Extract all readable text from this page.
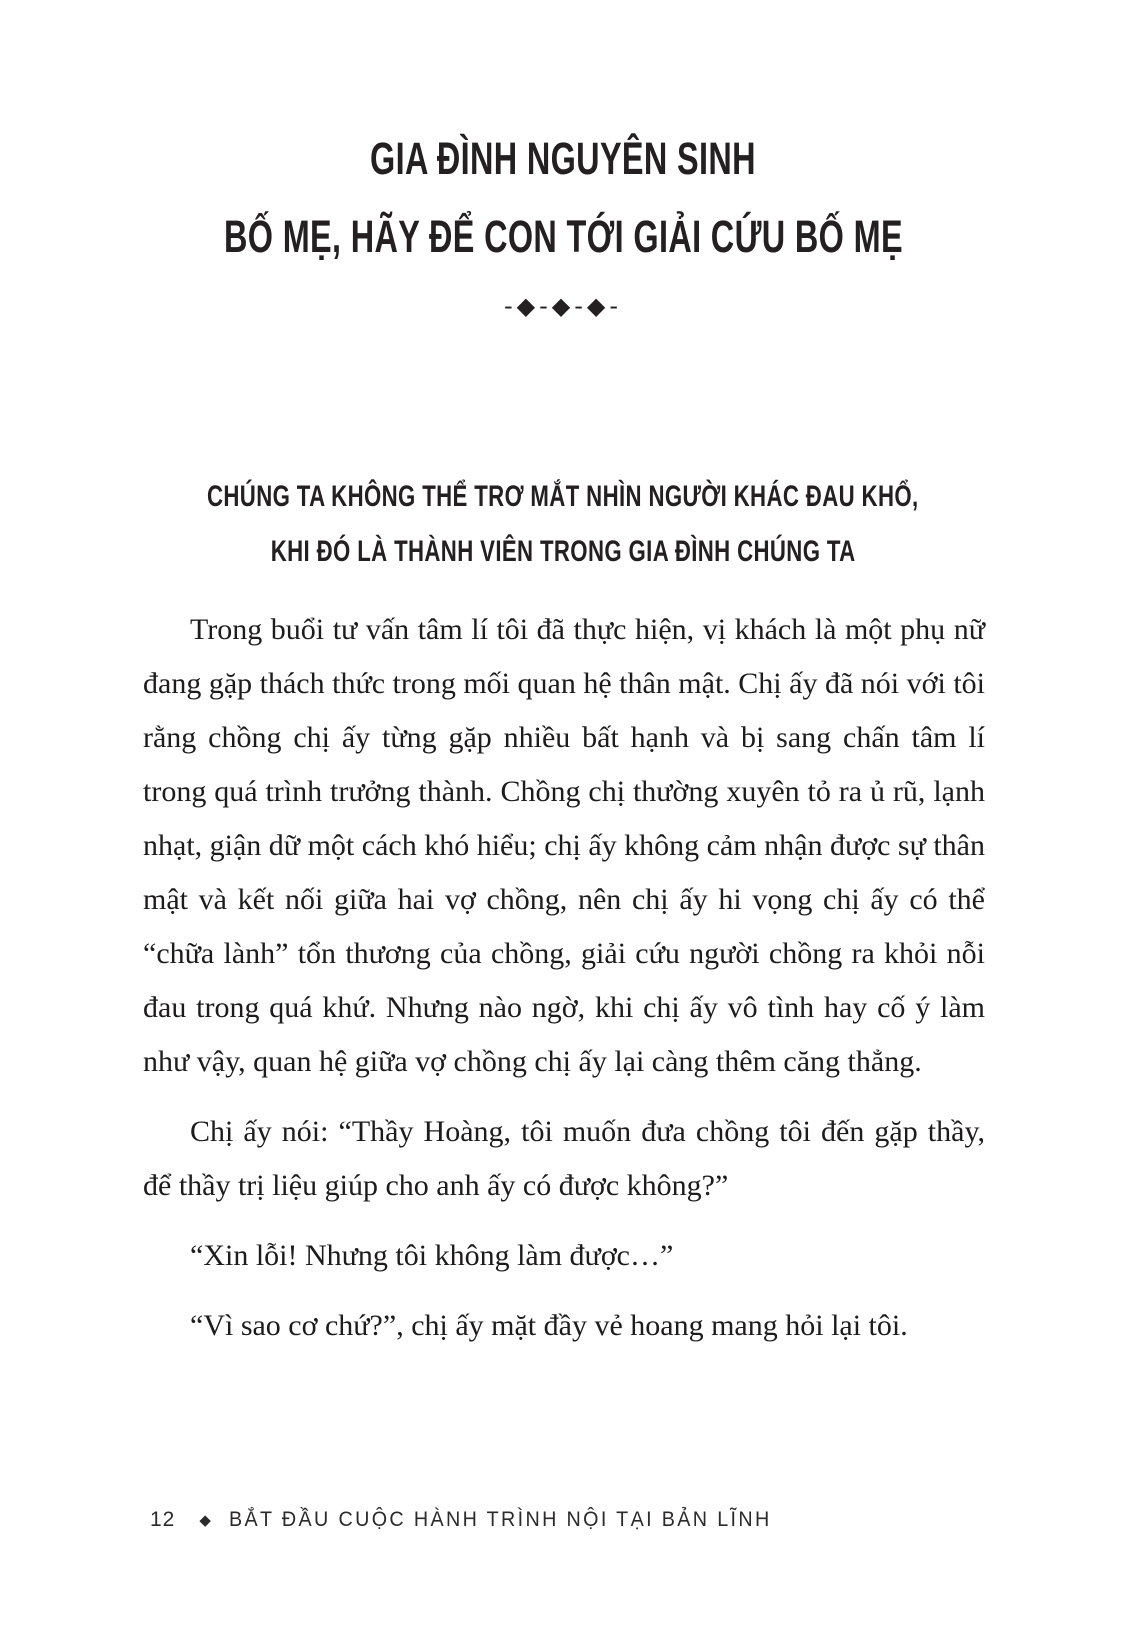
GIA ĐÌNH NGUYÊN SINH
BỐ MẸ, HÃY ĐỂ CON TỚI GIẢI CỨU BỐ MẸ
-◆-◆-◆-
CHÚNG TA KHÔNG THỂ TRƠ MẮT NHÌN NGƯỜI KHÁC ĐAU KHỔ,
KHI ĐÓ LÀ THÀNH VIÊN TRONG GIA ĐÌNH CHÚNG TA

Trong buổi tư vấn tâm lí tôi đã thực hiện, vị khách là một phụ nữ đang gặp thách thức trong mối quan hệ thân mật. Chị ấy đã nói với tôi rằng chồng chị ấy từng gặp nhiều bất hạnh và bị sang chấn tâm lí trong quá trình trưởng thành. Chồng chị thường xuyên tỏ ra ủ rũ, lạnh nhạt, giận dữ một cách khó hiểu; chị ấy không cảm nhận được sự thân mật và kết nối giữa hai vợ chồng, nên chị ấy hi vọng chị ấy có thể “chữa lành” tổn thương của chồng, giải cứu người chồng ra khỏi nỗi đau trong quá khứ. Nhưng nào ngờ, khi chị ấy vô tình hay cố ý làm như vậy, quan hệ giữa vợ chồng chị ấy lại càng thêm căng thẳng.

Chị ấy nói: “Thầy Hoàng, tôi muốn đưa chồng tôi đến gặp thầy, để thầy trị liệu giúp cho anh ấy có được không?”

“Xin lỗi! Nhưng tôi không làm được…”

“Vì sao cơ chứ?”, chị ấy mặt đầy vẻ hoang mang hỏi lại tôi.

12 ◆ BẮT ĐẦU CUỘC HÀNH TRÌNH NỘI TẠI BẢN LĨNH
